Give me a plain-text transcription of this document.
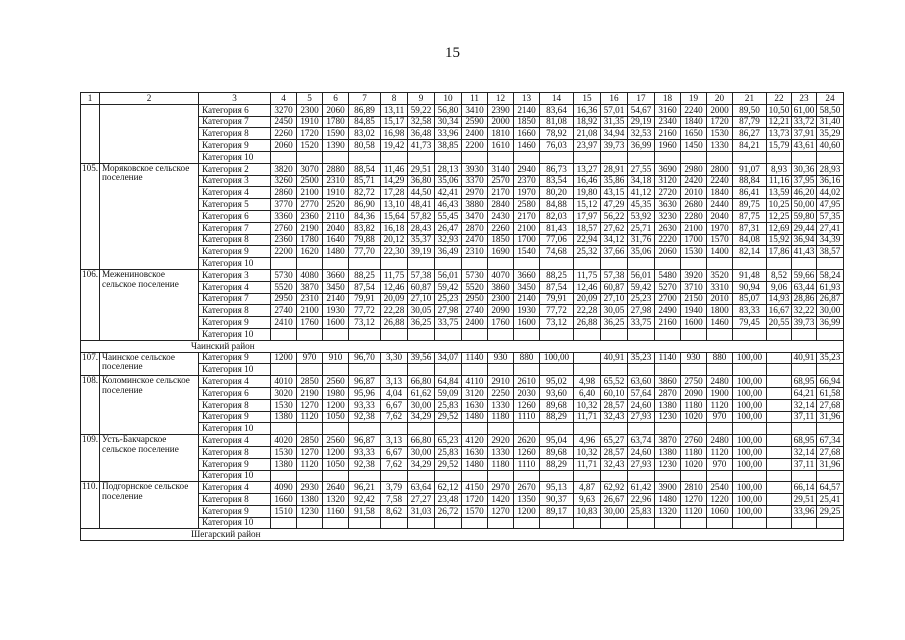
15
1	2	3	4	5	6	7	8	9	10	11	12	13	14	15	16	17	18	19	20	21	22	23	24
		Категория 6	3270	2300	2060	86,89	13,11	59,22	56,80	3410	2390	2140	83,64	16,36	57,01	54,67	3160	2240	2000	89,50	10,50	61,00	58,50
		Категория 7	2450	1910	1780	84,85	15,17	32,58	30,34	2590	2000	1850	81,08	18,92	31,35	29,19	2340	1840	1720	87,79	12,21	33,72	31,40
		Категория 8	2260	1720	1590	83,02	16,98	36,48	33,96	2400	1810	1660	78,92	21,08	34,94	32,53	2160	1650	1530	86,27	13,73	37,91	35,29
		Категория 9	2060	1520	1390	80,58	19,42	41,73	38,85	2200	1610	1460	76,03	23,97	39,73	36,99	1960	1450	1330	84,21	15,79	43,61	40,60
		Категория 10																					
105.	Моряковское сельское поселение	Категория 2	3820	3070	2880	88,54	11,46	29,51	28,13	3930	3140	2940	86,73	13,27	28,91	27,55	3690	2980	2800	91,07	8,93	30,36	28,93
		Категория 3	3260	2500	2310	85,71	14,29	36,80	35,06	3370	2570	2370	83,54	16,46	35,86	34,18	3120	2420	2240	88,84	11,16	37,95	36,16
		Категория 4	2860	2100	1910	82,72	17,28	44,50	42,41	2970	2170	1970	80,20	19,80	43,15	41,12	2720	2010	1840	86,41	13,59	46,20	44,02
		Категория 5	3770	2770	2520	86,90	13,10	48,41	46,43	3880	2840	2580	84,88	15,12	47,29	45,35	3630	2680	2440	89,75	10,25	50,00	47,95
		Категория 6	3360	2360	2110	84,36	15,64	57,82	55,45	3470	2430	2170	82,03	17,97	56,22	53,92	3230	2280	2040	87,75	12,25	59,80	57,35
		Категория 7	2760	2190	2040	83,82	16,18	28,43	26,47	2870	2260	2100	81,43	18,57	27,62	25,71	2630	2100	1970	87,31	12,69	29,44	27,41
		Категория 8	2360	1780	1640	79,88	20,12	35,37	32,93	2470	1850	1700	77,06	22,94	34,12	31,76	2220	1700	1570	84,08	15,92	36,94	34,39
		Категория 9	2200	1620	1480	77,70	22,30	39,19	36,49	2310	1690	1540	74,68	25,32	37,66	35,06	2060	1530	1400	82,14	17,86	41,43	38,57
		Категория 10																					
106.	Межениновское сельское поселение	Категория 3	5730	4080	3660	88,25	11,75	57,38	56,01	5730	4070	3660	88,25	11,75	57,38	56,01	5480	3920	3520	91,48	8,52	59,66	58,24
		Категория 4	5520	3870	3450	87,54	12,46	60,87	59,42	5520	3860	3450	87,54	12,46	60,87	59,42	5270	3710	3310	90,94	9,06	63,44	61,93
		Категория 7	2950	2310	2140	79,91	20,09	27,10	25,23	2950	2300	2140	79,91	20,09	27,10	25,23	2700	2150	2010	85,07	14,93	28,86	26,87
		Категория 8	2740	2100	1930	77,72	22,28	30,05	27,98	2740	2090	1930	77,72	22,28	30,05	27,98	2490	1940	1800	83,33	16,67	32,22	30,00
		Категория 9	2410	1760	1600	73,12	26,88	36,25	33,75	2400	1760	1600	73,12	26,88	36,25	33,75	2160	1600	1460	79,45	20,55	39,73	36,99
		Категория 10																					
Чаинский район																							
107.	Чаинское сельское поселение	Категория 9	1200	970	910	96,70	3,30	39,56	34,07	1140	930	880	100,00		40,91	35,23	1140	930	880	100,00		40,91	35,23
		Категория 10																					
108.	Коломинское сельское поселение	Категория 4	4010	2850	2560	96,87	3,13	66,80	64,84	4110	2910	2610	95,02	4,98	65,52	63,60	3860	2750	2480	100,00		68,95	66,94
		Категория 6	3020	2190	1980	95,96	4,04	61,62	59,09	3120	2250	2030	93,60	6,40	60,10	57,64	2870	2090	1900	100,00		64,21	61,58
		Категория 8	1530	1270	1200	93,33	6,67	30,00	25,83	1630	1330	1260	89,68	10,32	28,57	24,60	1380	1180	1120	100,00		32,14	27,68
		Категория 9	1380	1120	1050	92,38	7,62	34,29	29,52	1480	1180	1110	88,29	11,71	32,43	27,93	1230	1020	970	100,00		37,11	31,96
		Категория 10																					
109.	Усть-Бакчарское сельское поселение	Категория 4	4020	2850	2560	96,87	3,13	66,80	65,23	4120	2920	2620	95,04	4,96	65,27	63,74	3870	2760	2480	100,00		68,95	67,34
		Категория 8	1530	1270	1200	93,33	6,67	30,00	25,83	1630	1330	1260	89,68	10,32	28,57	24,60	1380	1180	1120	100,00		32,14	27,68
		Категория 9	1380	1120	1050	92,38	7,62	34,29	29,52	1480	1180	1110	88,29	11,71	32,43	27,93	1230	1020	970	100,00		37,11	31,96
		Категория 10																					
110.	Подгорнское сельское поселение	Категория 4	4090	2930	2640	96,21	3,79	63,64	62,12	4150	2970	2670	95,13	4,87	62,92	61,42	3900	2810	2540	100,00		66,14	64,57
		Категория 8	1660	1380	1320	92,42	7,58	27,27	23,48	1720	1420	1350	90,37	9,63	26,67	22,96	1480	1270	1220	100,00		29,51	25,41
		Категория 9	1510	1230	1160	91,58	8,62	31,03	26,72	1570	1270	1200	89,17	10,83	30,00	25,83	1320	1120	1060	100,00		33,96	29,25
		Категория 10																					
Шегарский район																							
